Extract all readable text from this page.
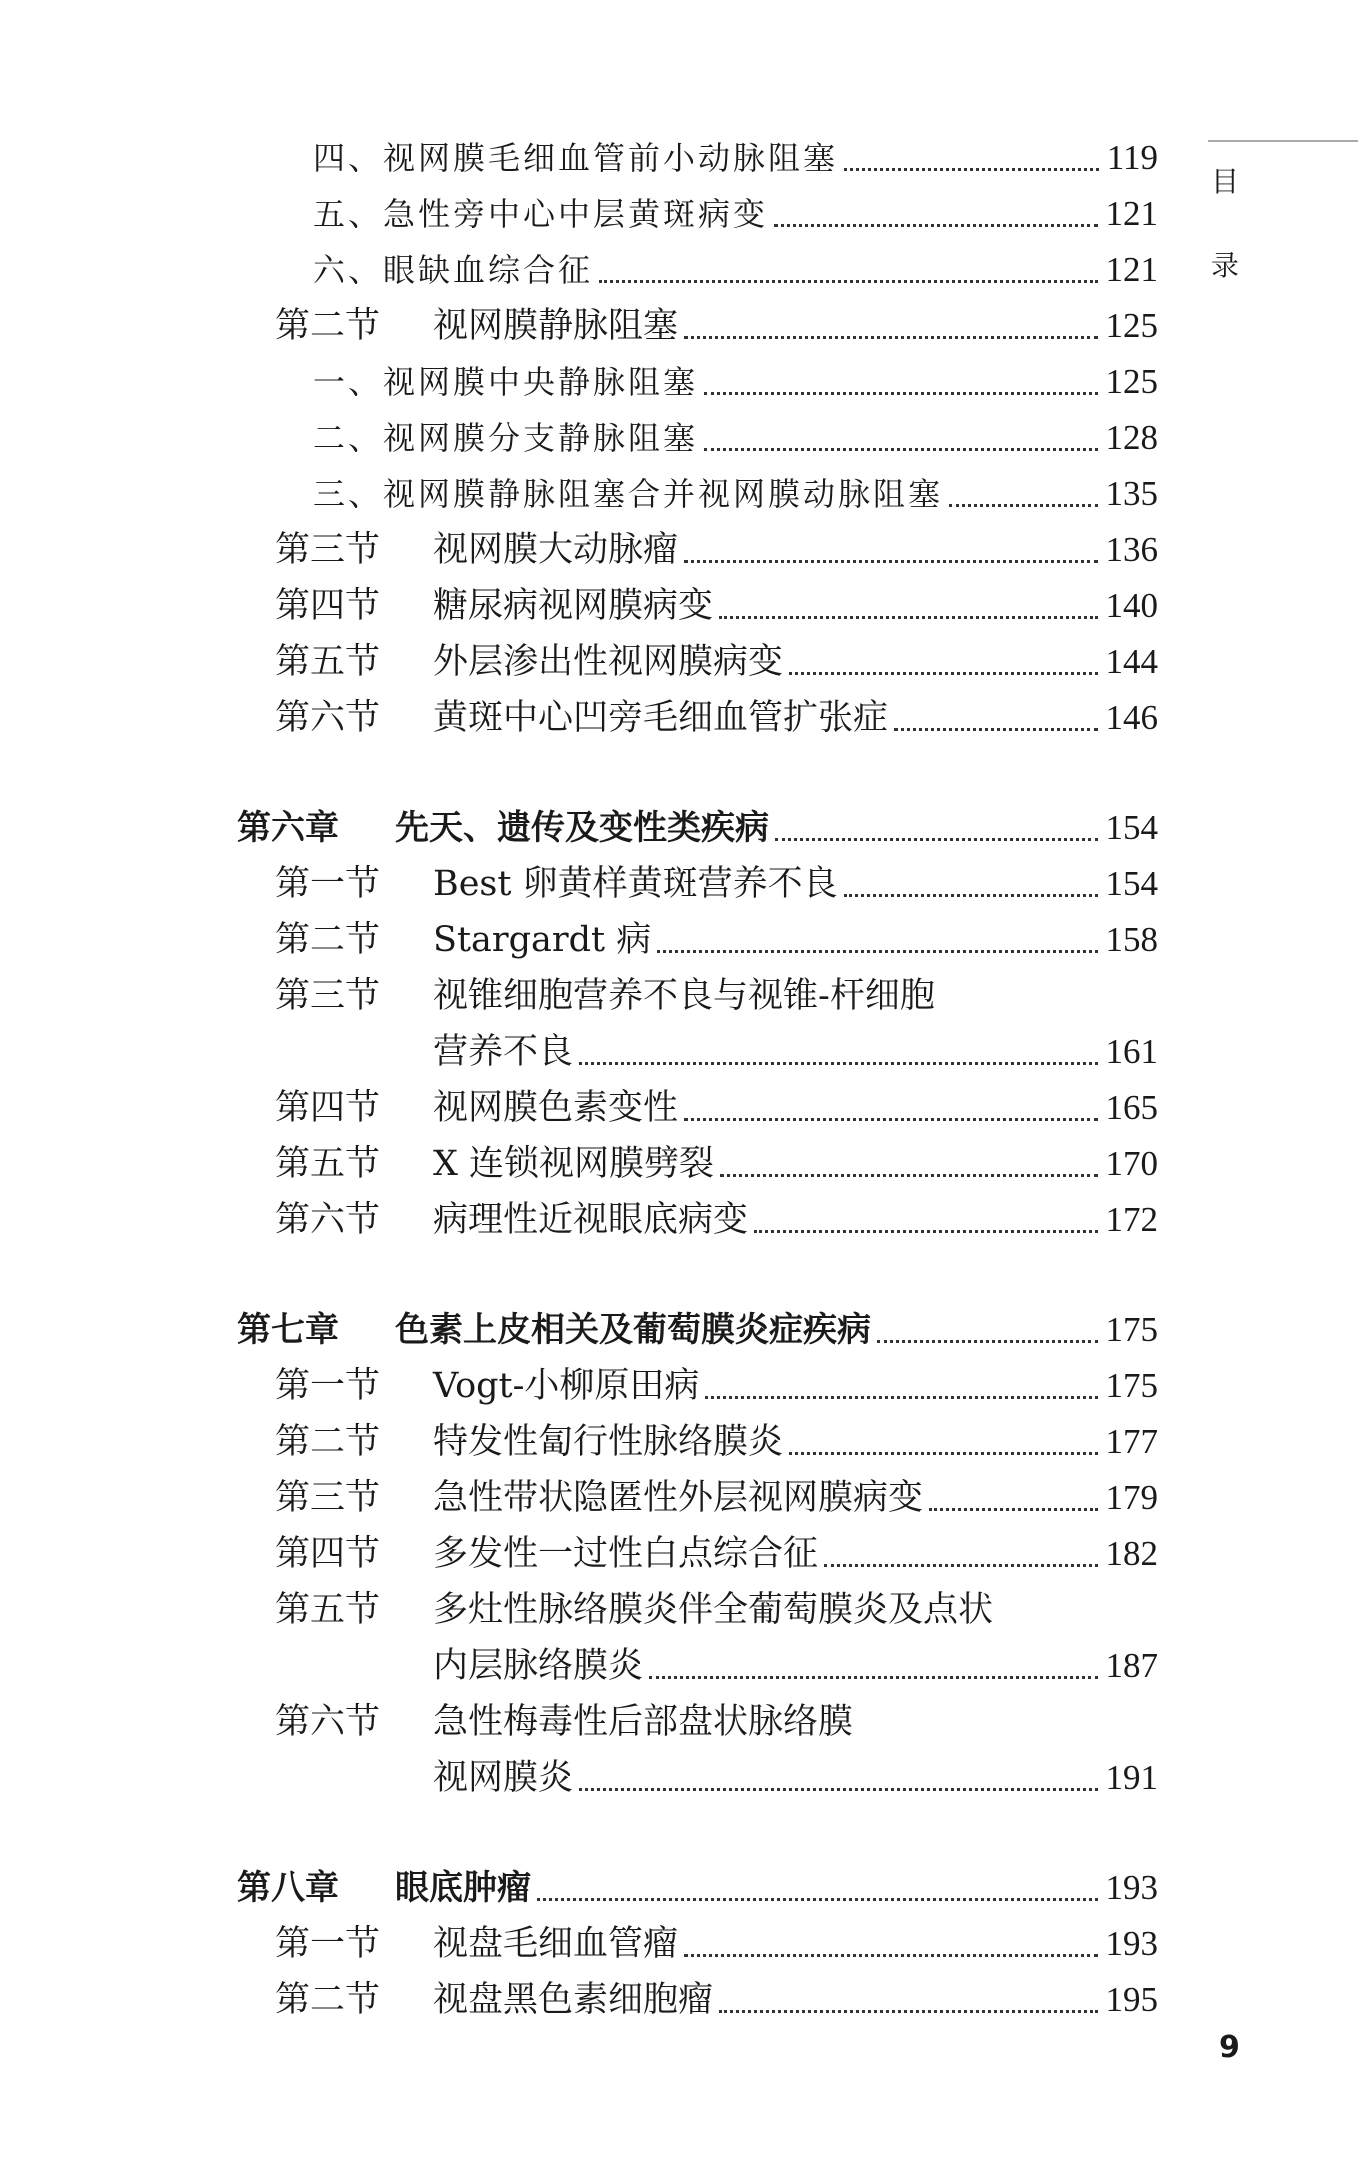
目
录
四、视网膜毛细血管前小动脉阻塞	119
五、急性旁中心中层黄斑病变	121
六、眼缺血综合征	121
第二节	视网膜静脉阻塞	125
一、视网膜中央静脉阻塞	125
二、视网膜分支静脉阻塞	128
三、视网膜静脉阻塞合并视网膜动脉阻塞	135
第三节	视网膜大动脉瘤	136
第四节	糖尿病视网膜病变	140
第五节	外层渗出性视网膜病变	144
第六节	黄斑中心凹旁毛细血管扩张症	146
第六章	先天、遗传及变性类疾病	154
第一节	Best 卵黄样黄斑营养不良	154
第二节	Stargardt 病	158
第三节	视锥细胞营养不良与视锥-杆细胞
营养不良	161
第四节	视网膜色素变性	165
第五节	X 连锁视网膜劈裂	170
第六节	病理性近视眼底病变	172
第七章	色素上皮相关及葡萄膜炎症疾病	175
第一节	Vogt-小柳原田病	175
第二节	特发性匐行性脉络膜炎	177
第三节	急性带状隐匿性外层视网膜病变	179
第四节	多发性一过性白点综合征	182
第五节	多灶性脉络膜炎伴全葡萄膜炎及点状
内层脉络膜炎	187
第六节	急性梅毒性后部盘状脉络膜
视网膜炎	191
第八章	眼底肿瘤	193
第一节	视盘毛细血管瘤	193
第二节	视盘黑色素细胞瘤	195
9
